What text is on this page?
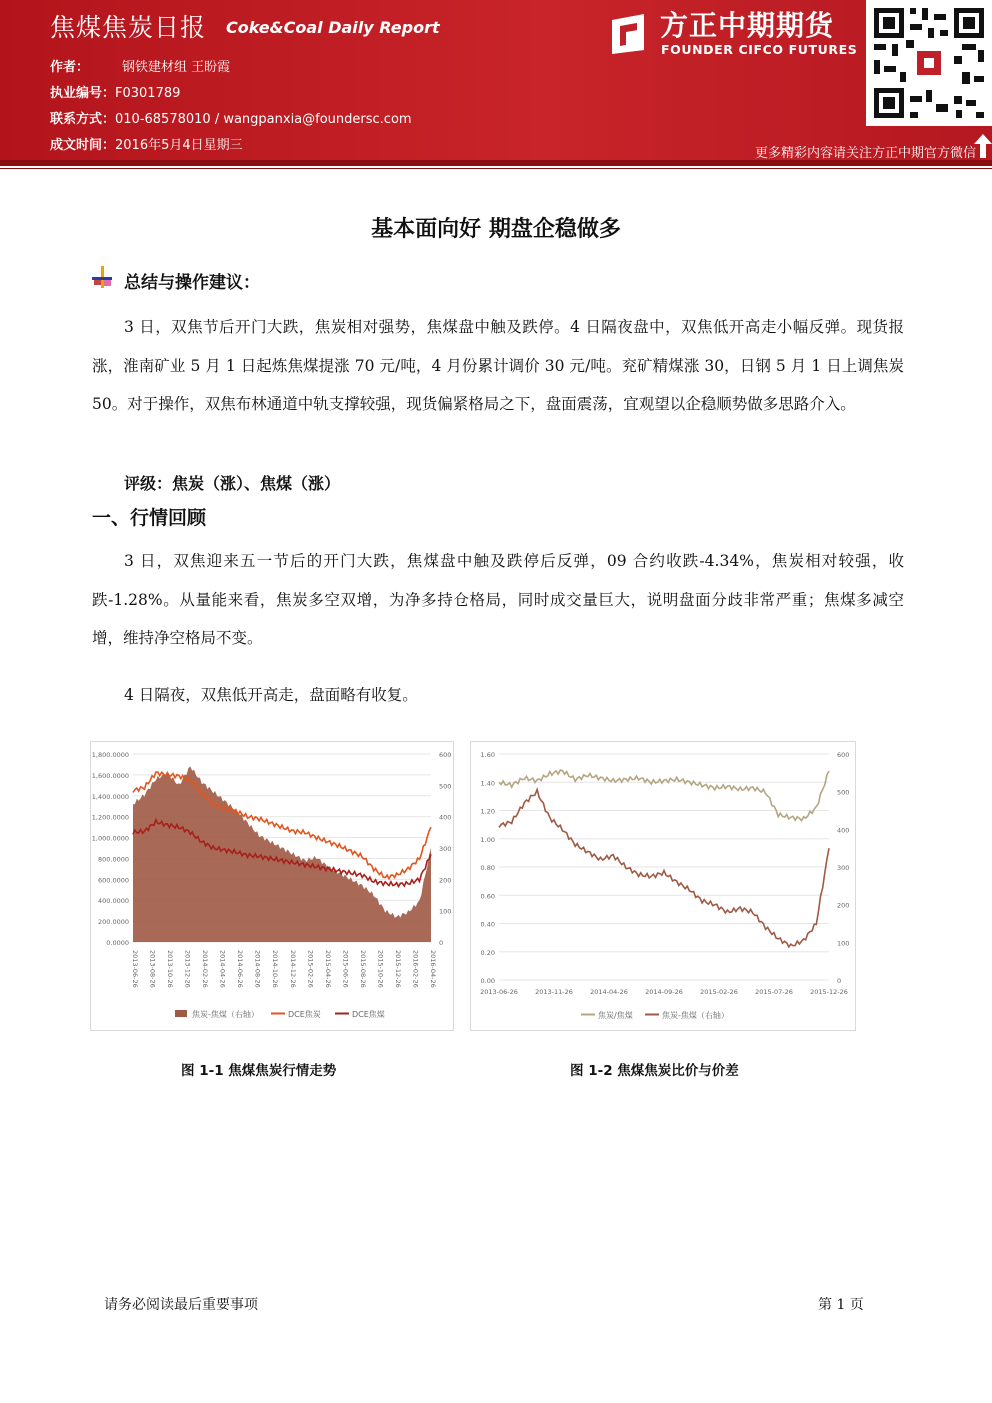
焦煤焦炭日报 Coke&Coal Daily Report
作者：	钢铁建材组 王盼霞
执业编号：F0301789
联系方式：010-68578010 / wangpanxia@foundersc.com
成文时间：2016年5月4日星期三
方正中期期货
FOUNDER CIFCO FUTURES
更多精彩内容请关注方正中期官方微信
基本面向好 期盘企稳做多
总结与操作建议：
3 日，双焦节后开门大跌，焦炭相对强势，焦煤盘中触及跌停。4 日隔夜盘中，双焦低开高走小幅反弹。现货报涨，淮南矿业 5 月 1 日起炼焦煤提涨 70 元/吨，4 月份累计调价 30 元/吨。兖矿精煤涨 30，日钢 5 月 1 日上调焦炭 50。对于操作，双焦布林通道中轨支撑较强，现货偏紧格局之下，盘面震荡，宜观望以企稳顺势做多思路介入。
评级：焦炭（涨）、焦煤（涨）
一、行情回顾
3 日，双焦迎来五一节后的开门大跌，焦煤盘中触及跌停后反弹，09 合约收跌-4.34%，焦炭相对较强，收跌-1.28%。从量能来看，焦炭多空双增，为净多持仓格局，同时成交量巨大，说明盘面分歧非常严重；焦煤多减空增，维持净空格局不变。
4 日隔夜，双焦低开高走，盘面略有收复。
0.0000
200.0000
400.0000
600.0000
800.0000
1,000.0000
1,200.0000
1,400.0000
1,600.0000
1,800.0000
0
100
200
300
400
500
600
2013-06-26 2013-08-26 2013-10-26 2013-12-26 2014-02-26 2014-04-26 2014-06-26 2014-08-26 2014-10-26 2014-12-26 2015-02-26 2015-04-26 2015-06-26 2015-08-26 2015-10-26 2015-12-26 2016-02-26 2016-04-26
焦炭-焦煤（右轴）	DCE焦炭	DCE焦煤
0.00
0.20
0.40
0.60
0.80
1.00
1.20
1.40
1.60
0
100
200
300
400
500
600
2013-06-26	2013-11-26	2014-04-26	2014-09-26	2015-02-26	2015-07-26	2015-12-26
焦炭/焦煤	焦炭-焦煤（右轴）
图 1-1 焦煤焦炭行情走势	图 1-2 焦煤焦炭比价与价差
请务必阅读最后重要事项	第 1 页
